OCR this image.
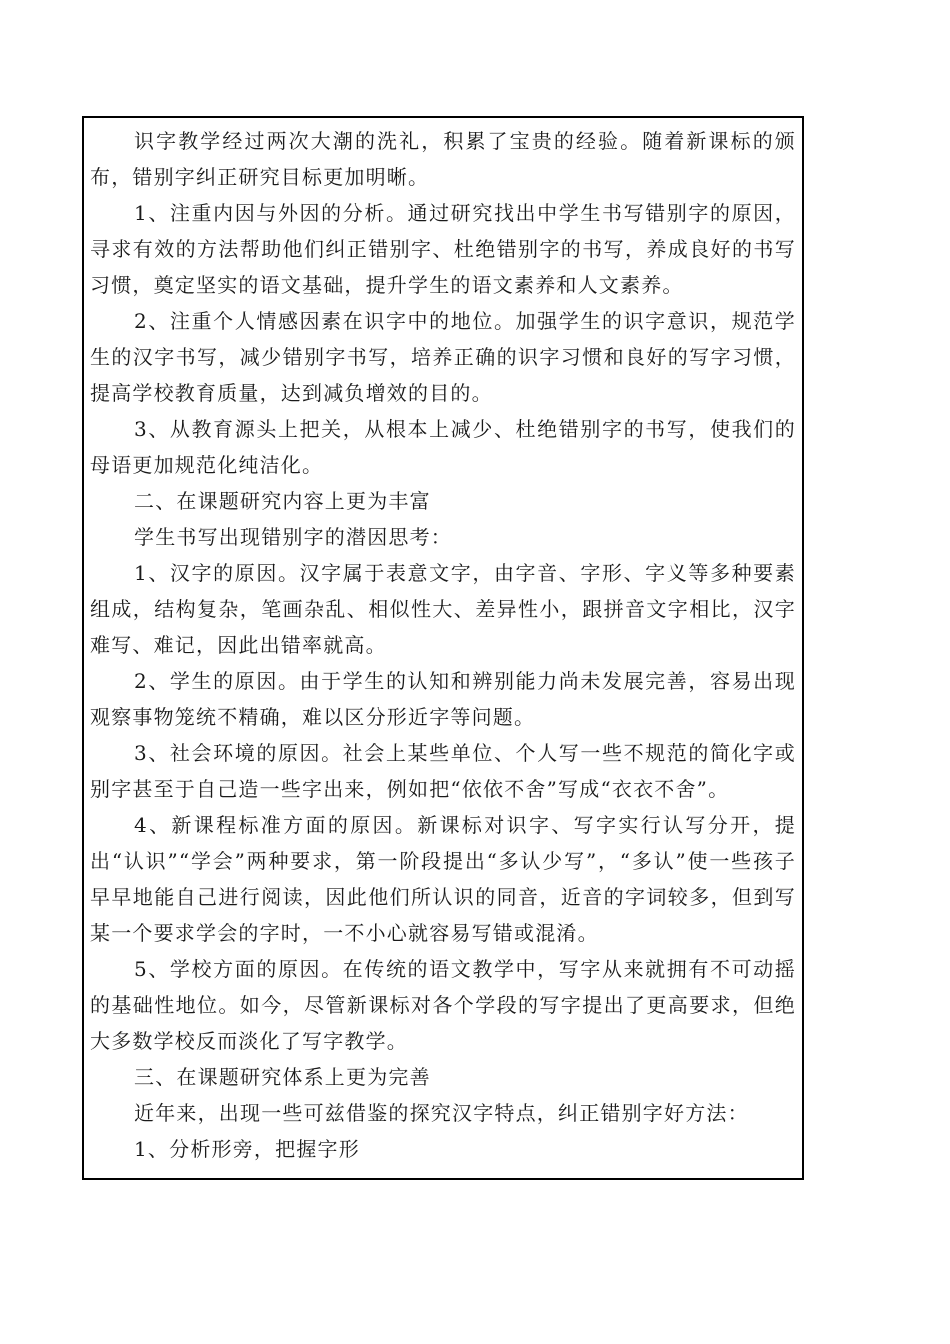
识字教学经过两次大潮的洗礼，积累了宝贵的经验。随着新课标的颁布，错别字纠正研究目标更加明晰。

1、注重内因与外因的分析。通过研究找出中学生书写错别字的原因，寻求有效的方法帮助他们纠正错别字、杜绝错别字的书写，养成良好的书写习惯，奠定坚实的语文基础，提升学生的语文素养和人文素养。

2、注重个人情感因素在识字中的地位。加强学生的识字意识，规范学生的汉字书写，减少错别字书写，培养正确的识字习惯和良好的写字习惯，提高学校教育质量，达到减负增效的目的。

3、从教育源头上把关，从根本上减少、杜绝错别字的书写，使我们的母语更加规范化纯洁化。

二、在课题研究内容上更为丰富

学生书写出现错别字的潜因思考：

1、汉字的原因。汉字属于表意文字，由字音、字形、字义等多种要素组成，结构复杂，笔画杂乱、相似性大、差异性小，跟拼音文字相比，汉字难写、难记，因此出错率就高。

2、学生的原因。由于学生的认知和辨别能力尚未发展完善，容易出现观察事物笼统不精确，难以区分形近字等问题。

3、社会环境的原因。社会上某些单位、个人写一些不规范的简化字或别字甚至于自己造一些字出来，例如把“依依不舍”写成“衣衣不舍”。

4、新课程标准方面的原因。新课标对识字、写字实行认写分开，提出“认识”“学会”两种要求，第一阶段提出“多认少写”，“多认”使一些孩子早早地能自己进行阅读，因此他们所认识的同音，近音的字词较多，但到写某一个要求学会的字时，一不小心就容易写错或混淆。

5、学校方面的原因。在传统的语文教学中，写字从来就拥有不可动摇的基础性地位。如今，尽管新课标对各个学段的写字提出了更高要求，但绝大多数学校反而淡化了写字教学。

三、在课题研究体系上更为完善

近年来，出现一些可兹借鉴的探究汉字特点，纠正错别字好方法：

1、分析形旁，把握字形
